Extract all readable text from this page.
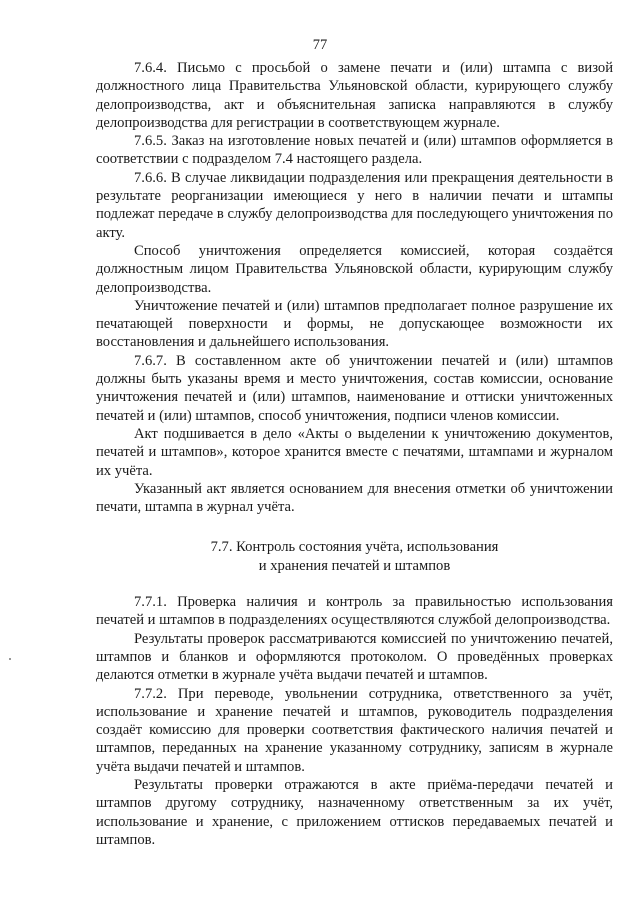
77

7.6.4. Письмо с просьбой о замене печати и (или) штампа с визой должностного лица Правительства Ульяновской области, курирующего службу делопроизводства, акт и объяснительная записка направляются в службу делопроизводства для регистрации в соответствующем журнале.

7.6.5. Заказ на изготовление новых печатей и (или) штампов оформляется в соответствии с подразделом 7.4 настоящего раздела.

7.6.6. В случае ликвидации подразделения или прекращения деятельности в результате реорганизации имеющиеся у него в наличии печати и штампы подлежат передаче в службу делопроизводства для последующего уничтожения по акту.

Способ уничтожения определяется комиссией, которая создаётся должностным лицом Правительства Ульяновской области, курирующим службу делопроизводства.

Уничтожение печатей и (или) штампов предполагает полное разрушение их печатающей поверхности и формы, не допускающее возможности их восстановления и дальнейшего использования.

7.6.7. В составленном акте об уничтожении печатей и (или) штампов должны быть указаны время и место уничтожения, состав комиссии, основание уничтожения печатей и (или) штампов, наименование и оттиски уничтоженных печатей и (или) штампов, способ уничтожения, подписи членов комиссии.

Акт подшивается в дело «Акты о выделении к уничтожению документов, печатей и штампов», которое хранится вместе с печатями, штампами и журналом их учёта.

Указанный акт является основанием для внесения отметки об уничтожении печати, штампа в журнал учёта.

7.7. Контроль состояния учёта, использования
и хранения печатей и штампов

7.7.1. Проверка наличия и контроль за правильностью использования печатей и штампов в подразделениях осуществляются службой делопроизводства.

Результаты проверок рассматриваются комиссией по уничтожению печатей, штампов и бланков и оформляются протоколом. О проведённых проверках делаются отметки в журнале учёта выдачи печатей и штампов.

7.7.2. При переводе, увольнении сотрудника, ответственного за учёт, использование и хранение печатей и штампов, руководитель подразделения создаёт комиссию для проверки соответствия фактического наличия печатей и штампов, переданных на хранение указанному сотруднику, записям в журнале учёта выдачи печатей и штампов.

Результаты проверки отражаются в акте приёма-передачи печатей и штампов другому сотруднику, назначенному ответственным за их учёт, использование и хранение, с приложением оттисков передаваемых печатей и штампов.
